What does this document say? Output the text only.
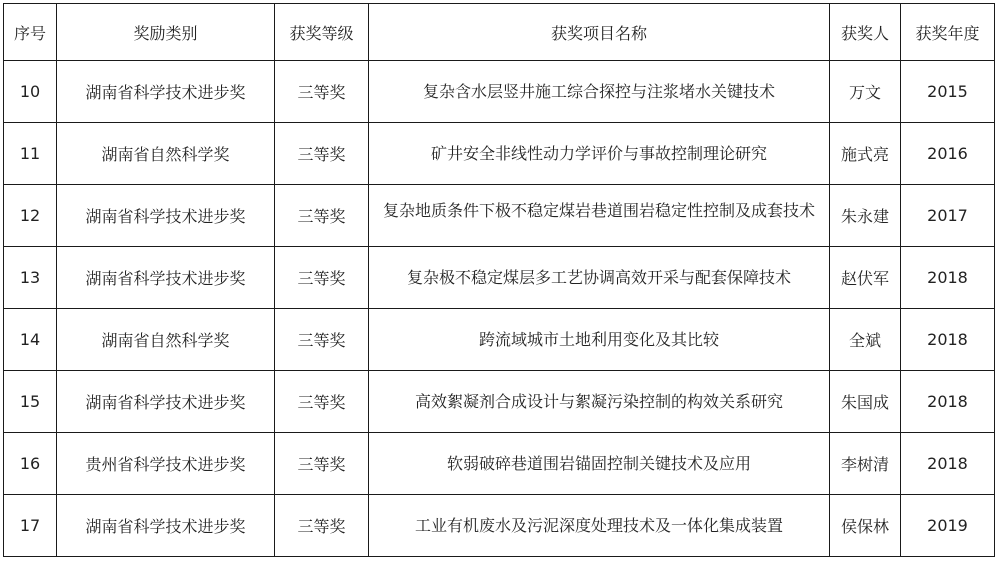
序号	奖励类别	获奖等级	获奖项目名称	获奖人	获奖年度
10	湖南省科学技术进步奖	三等奖	复杂含水层竖井施工综合探控与注浆堵水关键技术	万文	2015
11	湖南省自然科学奖	三等奖	矿井安全非线性动力学评价与事故控制理论研究	施式亮	2016
12	湖南省科学技术进步奖	三等奖	复杂地质条件下极不稳定煤岩巷道围岩稳定性控制及成套技术	朱永建	2017
13	湖南省科学技术进步奖	三等奖	复杂极不稳定煤层多工艺协调高效开采与配套保障技术	赵伏军	2018
14	湖南省自然科学奖	三等奖	跨流域城市土地利用变化及其比较	全斌	2018
15	湖南省科学技术进步奖	三等奖	高效絮凝剂合成设计与絮凝污染控制的构效关系研究	朱国成	2018
16	贵州省科学技术进步奖	三等奖	软弱破碎巷道围岩锚固控制关键技术及应用	李树清	2018
17	湖南省科学技术进步奖	三等奖	工业有机废水及污泥深度处理技术及一体化集成装置	侯保林	2019
